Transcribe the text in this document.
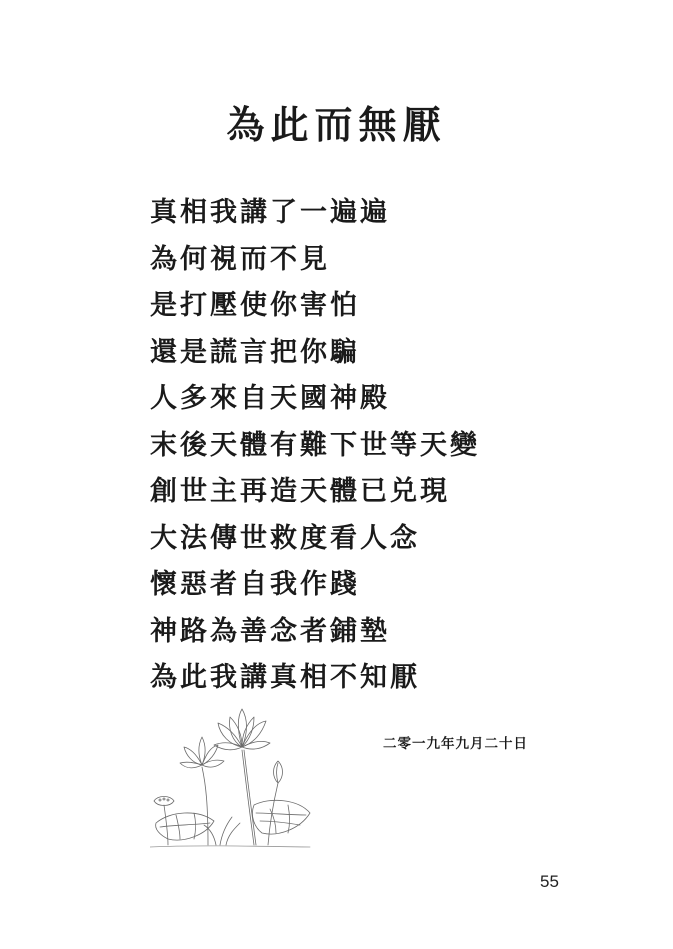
為此而無厭
真相我講了一遍遍
為何視而不見
是打壓使你害怕
還是謊言把你騙
人多來自天國神殿
末後天體有難下世等天變
創世主再造天體已兑現
大法傳世救度看人念
懷惡者自我作踐
神路為善念者鋪墊
為此我講真相不知厭
二零一九年九月二十日
55
